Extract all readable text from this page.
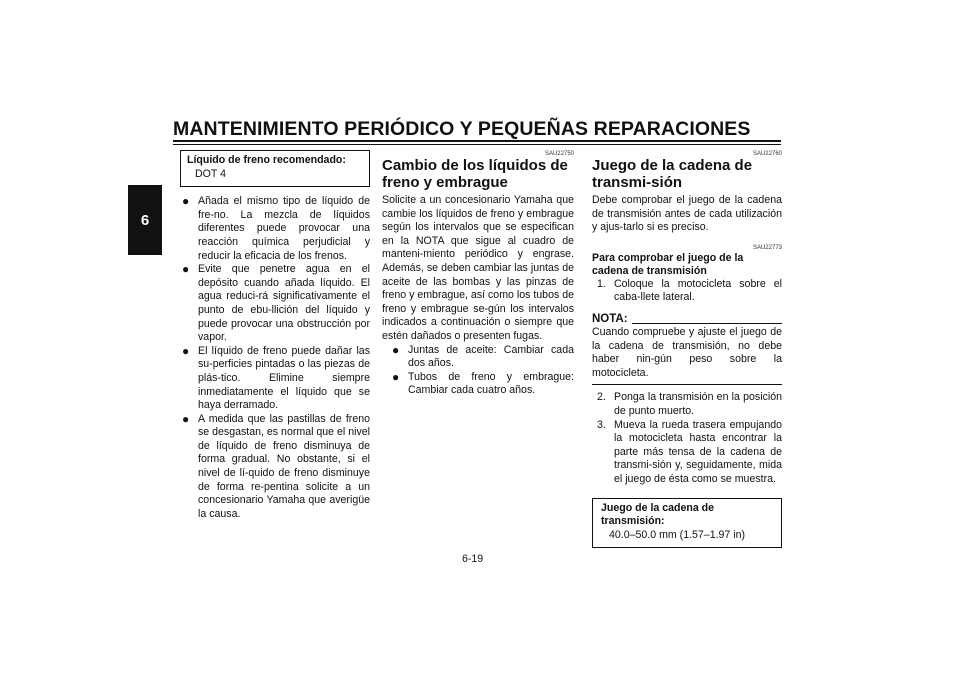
MANTENIMIENTO PERIÓDICO Y PEQUEÑAS REPARACIONES
6
Líquido de freno recomendado:
DOT 4
● Añada el mismo tipo de líquido de fre-no. La mezcla de líquidos diferentes puede provocar una reacción química perjudicial y reducir la eficacia de los frenos.
● Evite que penetre agua en el depósito cuando añada líquido. El agua reduci-rá significativamente el punto de ebu-llición del líquido y puede provocar una obstrucción por vapor.
● El líquido de freno puede dañar las su-perficies pintadas o las piezas de plás-tico. Elimine siempre inmediatamente el líquido que se haya derramado.
● A medida que las pastillas de freno se desgastan, es normal que el nivel de líquido de freno disminuya de forma gradual. No obstante, si el nivel de lí-quido de freno disminuye de forma re-pentina solicite a un concesionario Yamaha que averigüe la causa.
SAU22750
Cambio de los líquidos de freno y embrague

Solicite a un concesionario Yamaha que cambie los líquidos de freno y embrague según los intervalos que se especifican en la NOTA que sigue al cuadro de manteni-miento periódico y engrase. Además, se deben cambiar las juntas de aceite de las bombas y las pinzas de freno y embrague, así como los tubos de freno y embrague se-gún los intervalos indicados a continuación o siempre que estén dañados o presenten fugas.

● Juntas de aceite: Cambiar cada dos años.
● Tubos de freno y embrague: Cambiar cada cuatro años.
SAU22760
Juego de la cadena de transmi-sión

Debe comprobar el juego de la cadena de transmisión antes de cada utilización y ajus-tarlo si es preciso.

SAU22773
Para comprobar el juego de la cadena de transmisión
1. Coloque la motocicleta sobre el caba-llete lateral.
NOTA:

Cuando compruebe y ajuste el juego de la cadena de transmisión, no debe haber nin-gún peso sobre la motocicleta.

2. Ponga la transmisión en la posición de punto muerto.
3. Mueva la rueda trasera empujando la motocicleta hasta encontrar la parte más tensa de la cadena de transmi-sión y, seguidamente, mida el juego de ésta como se muestra.
Juego de la cadena de transmisión:
40.0–50.0 mm (1.57–1.97 in)
6-19
